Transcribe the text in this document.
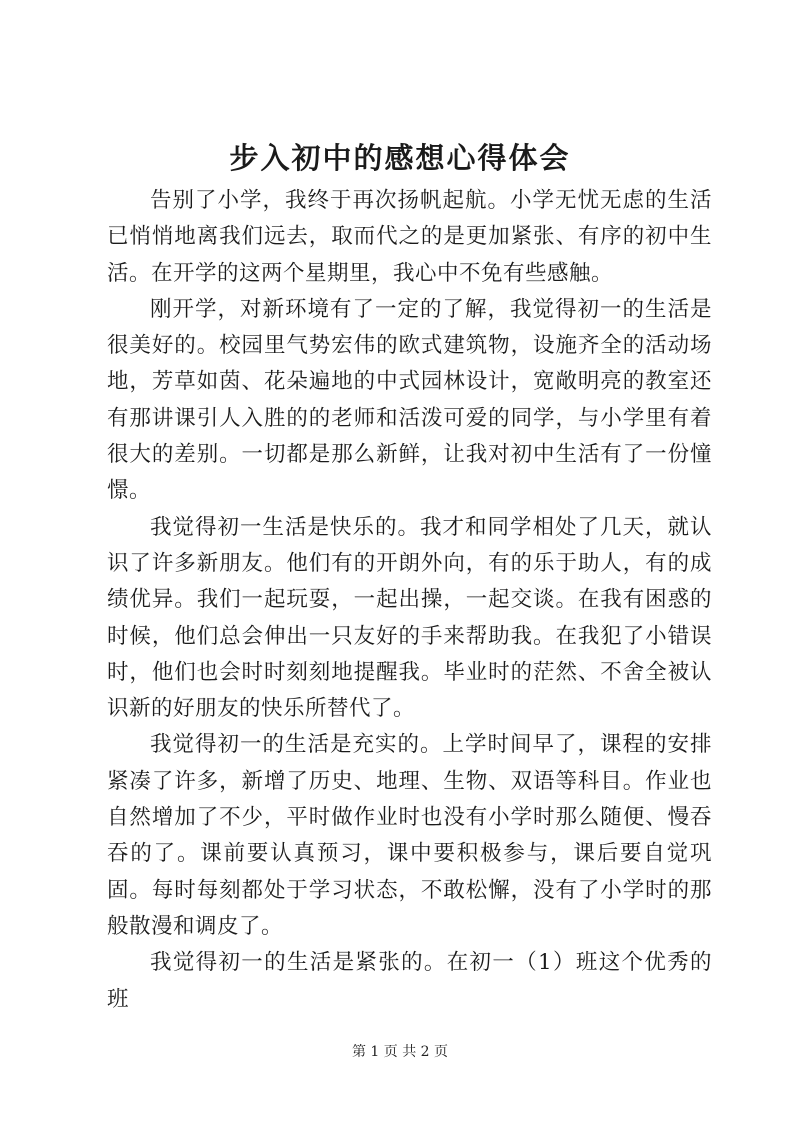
步入初中的感想心得体会

告别了小学，我终于再次扬帆起航。小学无忧无虑的生活已悄悄地离我们远去，取而代之的是更加紧张、有序的初中生活。在开学的这两个星期里，我心中不免有些感触。

刚开学，对新环境有了一定的了解，我觉得初一的生活是很美好的。校园里气势宏伟的欧式建筑物，设施齐全的活动场地，芳草如茵、花朵遍地的中式园林设计，宽敞明亮的教室还有那讲课引人入胜的的老师和活泼可爱的同学，与小学里有着很大的差别。一切都是那么新鲜，让我对初中生活有了一份憧憬。

我觉得初一生活是快乐的。我才和同学相处了几天，就认识了许多新朋友。他们有的开朗外向，有的乐于助人，有的成绩优异。我们一起玩耍，一起出操，一起交谈。在我有困惑的时候，他们总会伸出一只友好的手来帮助我。在我犯了小错误时，他们也会时时刻刻地提醒我。毕业时的茫然、不舍全被认识新的好朋友的快乐所替代了。

我觉得初一的生活是充实的。上学时间早了，课程的安排紧凑了许多，新增了历史、地理、生物、双语等科目。作业也自然增加了不少，平时做作业时也没有小学时那么随便、慢吞吞的了。课前要认真预习，课中要积极参与，课后要自觉巩固。每时每刻都处于学习状态，不敢松懈，没有了小学时的那般散漫和调皮了。

我觉得初一的生活是紧张的。在初一（1）班这个优秀的班

第 1 页 共 2 页
